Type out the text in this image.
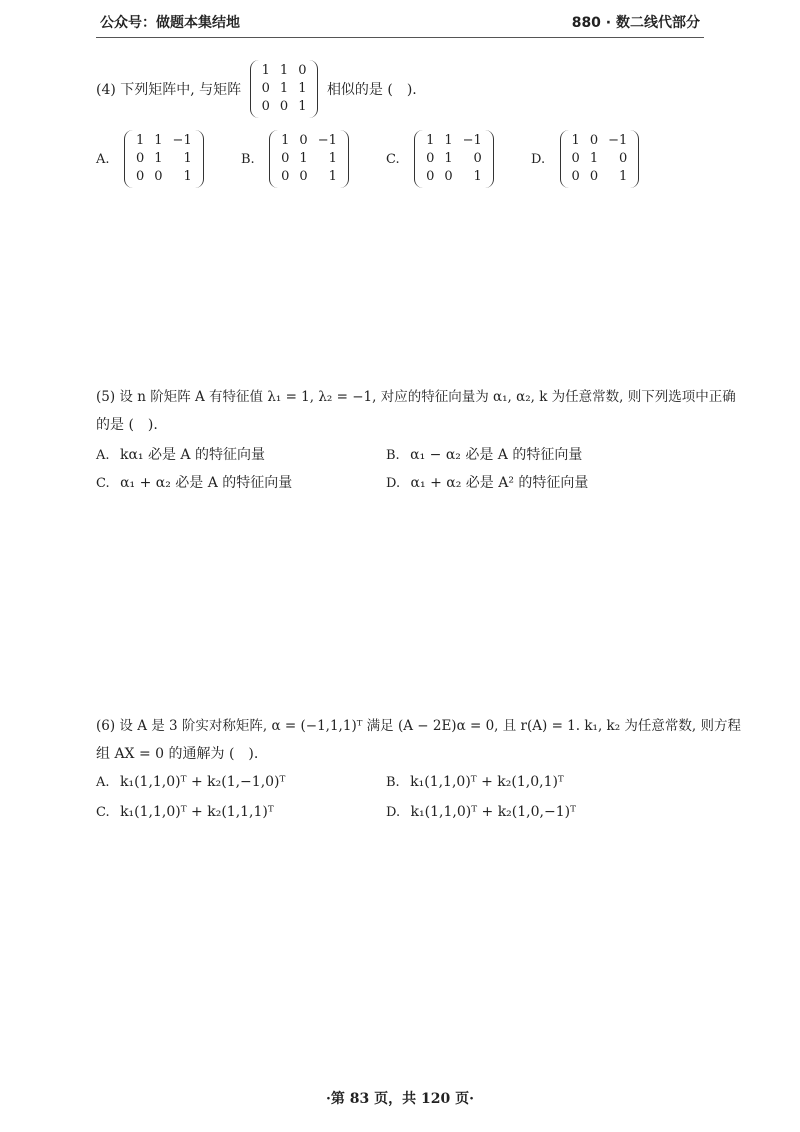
公众号：做题本集结地	880 · 数二线代部分
(4) 下列矩阵中, 与矩阵
1	1	0
0	1	1
0	0	1
相似的是 (　).
A.
1	1	−1
0	1	1
0	0	1
B.
1	0	−1
0	1	1
0	0	1
C.
1	1	−1
0	1	0
0	0	1
D.
1	0	−1
0	1	0
0	0	1
(5) 设 n 阶矩阵 A 有特征值 λ₁ = 1, λ₂ = −1, 对应的特征向量为 α₁, α₂, k 为任意常数, 则下列选项中正确
的是 (　).
A. kα₁ 必是 A 的特征向量	B. α₁ − α₂ 必是 A 的特征向量
C. α₁ + α₂ 必是 A 的特征向量	D. α₁ + α₂ 必是 A² 的特征向量
(6) 设 A 是 3 阶实对称矩阵, α = (−1,1,1)ᵀ 满足 (A − 2E)α = 0, 且 r(A) = 1. k₁, k₂ 为任意常数, 则方程
组 AX = 0 的通解为 (　).
A. k₁(1,1,0)ᵀ + k₂(1,−1,0)ᵀ	B. k₁(1,1,0)ᵀ + k₂(1,0,1)ᵀ
C. k₁(1,1,0)ᵀ + k₂(1,1,1)ᵀ	D. k₁(1,1,0)ᵀ + k₂(1,0,−1)ᵀ
·第 83 页，共 120 页·
